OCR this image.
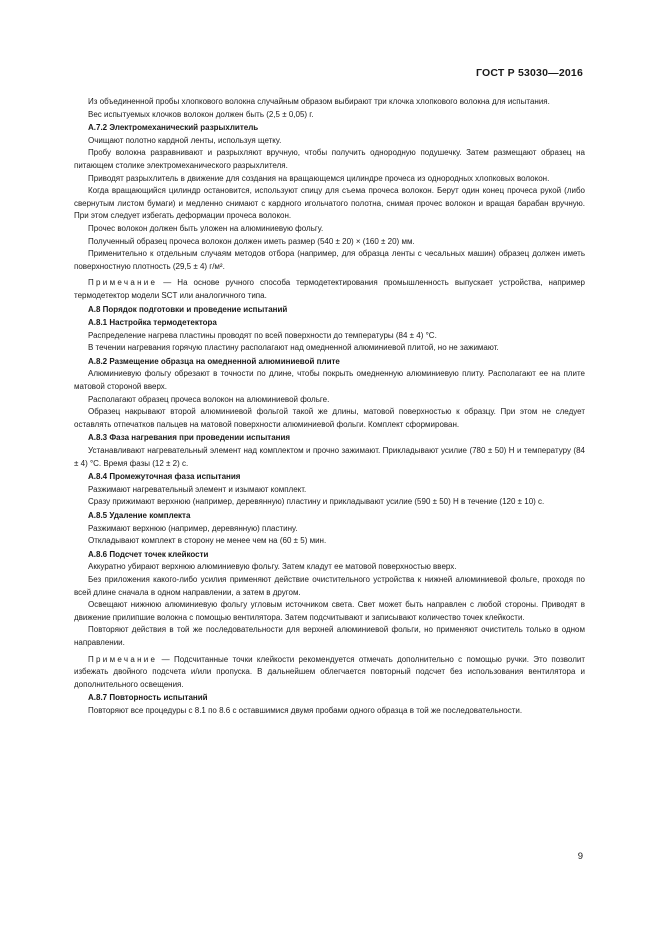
ГОСТ Р 53030—2016

Из объединенной пробы хлопкового волокна случайным образом выбирают три клочка хлопкового волокна для испытания.

Вес испытуемых клочков волокон должен быть (2,5 ± 0,05) г.

А.7.2 Электромеханический разрыхлитель

Очищают полотно кардной ленты, используя щетку.

Пробу волокна разравнивают и разрыхляют вручную, чтобы получить однородную подушечку. Затем размещают образец на питающем столике электромеханического разрыхлителя.

Приводят разрыхлитель в движение для создания на вращающемся цилиндре прочеса из однородных хлопковых волокон.

Когда вращающийся цилиндр остановится, используют спицу для съема прочеса волокон. Берут один конец прочеса рукой (либо свернутым листом бумаги) и медленно снимают с кардного игольчатого полотна, снимая прочес волокон и вращая барабан вручную. При этом следует избегать деформации прочеса волокон.

Прочес волокон должен быть уложен на алюминиевую фольгу.

Полученный образец прочеса волокон должен иметь размер (540 ± 20) × (160 ± 20) мм.

Применительно к отдельным случаям методов отбора (например, для образца ленты с чесальных машин) образец должен иметь поверхностную плотность (29,5 ± 4) г/м².

Примечание — На основе ручного способа термодетектирования промышленность выпускает устройства, например термодетектор модели SCT или аналогичного типа.

А.8 Порядок подготовки и проведение испытаний

А.8.1 Настройка термодетектора

Распределение нагрева пластины проводят по всей поверхности до температуры (84 ± 4) °С.

В течении нагревания горячую пластину располагают над омедненной алюминиевой плитой, но не зажимают.

А.8.2 Размещение образца на омедненной алюминиевой плите

Алюминиевую фольгу обрезают в точности по длине, чтобы покрыть омедненную алюминиевую плиту. Располагают ее на плите матовой стороной вверх.

Располагают образец прочеса волокон на алюминиевой фольге.

Образец накрывают второй алюминиевой фольгой такой же длины, матовой поверхностью к образцу. При этом не следует оставлять отпечатков пальцев на матовой поверхности алюминиевой фольги. Комплект сформирован.

А.8.3 Фаза нагревания при проведении испытания

Устанавливают нагревательный элемент над комплектом и прочно зажимают. Прикладывают усилие (780 ± 50) Н и температуру (84 ± 4) °С. Время фазы (12 ± 2) с.

А.8.4 Промежуточная фаза испытания

Разжимают нагревательный элемент и изымают комплект.

Сразу прижимают верхнюю (например, деревянную) пластину и прикладывают усилие (590 ± 50) Н в течение (120 ± 10) с.

А.8.5 Удаление комплекта

Разжимают верхнюю (например, деревянную) пластину.

Откладывают комплект в сторону не менее чем на (60 ± 5) мин.

А.8.6 Подсчет точек клейкости

Аккуратно убирают верхнюю алюминиевую фольгу. Затем кладут ее матовой поверхностью вверх.

Без приложения какого-либо усилия применяют действие очистительного устройства к нижней алюминиевой фольге, проходя по всей длине сначала в одном направлении, а затем в другом.

Освещают нижнюю алюминиевую фольгу угловым источником света. Свет может быть направлен с любой стороны. Приводят в движение прилипшие волокна с помощью вентилятора. Затем подсчитывают и записывают количество точек клейкости.

Повторяют действия в той же последовательности для верхней алюминиевой фольги, но применяют очиститель только в одном направлении.

Примечание — Подсчитанные точки клейкости рекомендуется отмечать дополнительно с помощью ручки. Это позволит избежать двойного подсчета и/или пропуска. В дальнейшем облегчается повторный подсчет без использования вентилятора и дополнительного освещения.

А.8.7 Повторность испытаний

Повторяют все процедуры с 8.1 по 8.6 с оставшимися двумя пробами одного образца в той же последовательности.

9
